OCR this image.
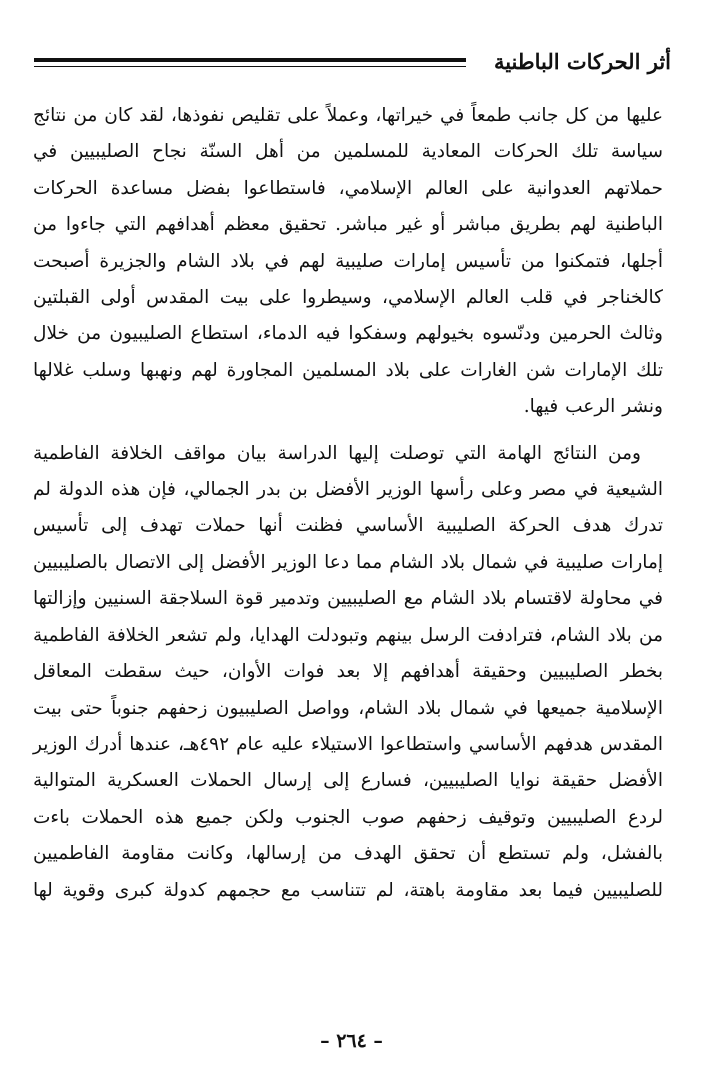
أثر الحركات الباطنية

عليها من كل جانب طمعاً في خيراتها، وعملاً على تقليص نفوذها، لقد كان من نتائج سياسة تلك الحركات المعادية للمسلمين من أهل السنّة نجاح الصليبيين في حملاتهم العدوانية على العالم الإسلامي، فاستطاعوا بفضل مساعدة الحركات الباطنية لهم بطريق مباشر أو غير مباشر. تحقيق معظم أهدافهم التي جاءوا من أجلها، فتمكنوا من تأسيس إمارات صليبية لهم في بلاد الشام والجزيرة أصبحت كالخناجر في قلب العالم الإسلامي، وسيطروا على بيت المقدس أولى القبلتين وثالث الحرمين ودنّسوه بخيولهم وسفكوا فيه الدماء، استطاع الصليبيون من خلال تلك الإمارات شن الغارات على بلاد المسلمين المجاورة لهم ونهبها وسلب غلالها ونشر الرعب فيها.

ومن النتائج الهامة التي توصلت إليها الدراسة بيان مواقف الخلافة الفاطمية الشيعية في مصر وعلى رأسها الوزير الأفضل بن بدر الجمالي، فإن هذه الدولة لم تدرك هدف الحركة الصليبية الأساسي فظنت أنها حملات تهدف إلى تأسيس إمارات صليبية في شمال بلاد الشام مما دعا الوزير الأفضل إلى الاتصال بالصليبيين في محاولة لاقتسام بلاد الشام مع الصليبيين وتدمير قوة السلاجقة السنيين وإزالتها من بلاد الشام، فترادفت الرسل بينهم وتبودلت الهدايا، ولم تشعر الخلافة الفاطمية بخطر الصليبيين وحقيقة أهدافهم إلا بعد فوات الأوان، حيث سقطت المعاقل الإسلامية جميعها في شمال بلاد الشام، وواصل الصليبيون زحفهم جنوباً حتى بيت المقدس هدفهم الأساسي واستطاعوا الاستيلاء عليه عام ٤٩٢هـ، عندها أدرك الوزير الأفضل حقيقة نوايا الصليبيين، فسارع إلى إرسال الحملات العسكرية المتوالية لردع الصليبيين وتوقيف زحفهم صوب الجنوب ولكن جميع هذه الحملات باءت بالفشل، ولم تستطع أن تحقق الهدف من إرسالها، وكانت مقاومة الفاطميين للصليبيين فيما بعد مقاومة باهتة، لم تتناسب مع حجمهم كدولة كبرى وقوية لها

– ٢٦٤ –
